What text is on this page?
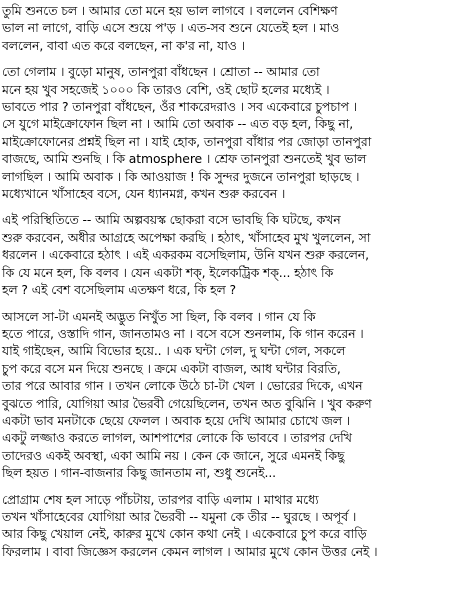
তুমি শুনতে চল । আমার তো মনে হয় ভাল লাগবে । বললেন বেশিক্ষণ
ভাল না লাগে, বাড়ি এসে শুয়ে প'ড় । এত-সব শুনে যেতেই হল । মাও
বললেন, বাবা এত করে বলছেন, না ক'র না, যাও ।
তো গেলাম । বুড়ো মানুষ, তানপুরা বাঁধছেন । শ্রোতা -- আমার তো
মনে হয় খুব সহজেই ১০০০ কি তারও বেশি, ওই ছোট হলের মধ্যেই ।
ভাবতে পার ? তানপুরা বাঁধছেন, ওঁর শাকরেদরাও । সব একেবারে চুপচাপ ।
সে যুগে মাইক্রোফোন ছিল না । আমি তো অবাক -- এত বড় হল, কিছু না,
মাইক্রোফোনের প্রশ্নই ছিল না । যাই হোক, তানপুরা বাঁধার পর জোড়া তানপুরা
বাজছে, আমি শুনছি । কি atmosphere । শ্রেফ তানপুরা শুনতেই খুব ভাল
লাগছিল । আমি অবাক । কি আওয়াজ ! কি সুন্দর দুজনে তানপুরা ছাড়ছে ।
মধ্যেখানে খাঁসাহেব বসে, যেন ধ্যানমগ্ন, কখন শুরু করবেন ।
এই পরিস্থিতিতে -- আমি অল্পবয়স্ক ছোকরা বসে ভাবছি কি ঘটছে, কখন
শুরু করবেন, অধীর আগ্রহে অপেক্ষা করছি । হঠাৎ, খাঁসাহেব মুখ খুললেন, সা
ধরলেন । একেবারে হঠাৎ । এই একরকম বসেছিলাম, উনি যখন শুরু করলেন,
কি যে মনে হল, কি বলব । যেন একটা শক্‌, ইলেকট্রিক শক্‌... হঠাৎ কি
হল ? এই বেশ বসেছিলাম এতক্ষণ ধরে, কি হল ?
আসলে সা-টা এমনই অদ্ভুত নিখুঁত সা ছিল, কি বলব । গান যে কি
হতে পারে, ওস্তাদি গান, জানতামও না । বসে বসে শুনলাম, কি গান করেন ।
যাই গাইছেন, আমি বিভোর হয়ে.. । এক ঘন্টা গেল, দু ঘন্টা গেল, সকলে
চুপ করে বসে মন দিয়ে শুনছে । ক্রমে একটা বাজল, আধ ঘন্টার বিরতি,
তার পরে আবার গান । তখন লোকে উঠে চা-টা খেল । ভোরের দিকে, এখন
বুঝতে পারি, যোগিয়া আর ভৈরবী গেয়েছিলেন, তখন অত বুঝিনি । খুব করুণ
একটা ভাব মনটাকে ছেয়ে ফেলল । অবাক হয়ে দেখি আমার চোখে জল ।
একটু লজ্জাও করতে লাগল, আশপাশের লোকে কি ভাববে । তারপর দেখি
তাদেরও একই অবস্থা, একা আমি নয় । কেন কে জানে, সুরে এমনই কিছু
ছিল হয়ত । গান-বাজনার কিছু জানতাম না, শুধু শুনেই...
প্রোগ্রাম শেষ হল সাড়ে পাঁচটায়, তারপর বাড়ি এলাম । মাথার মধ্যে
তখন খাঁসাহেবের যোগিয়া আর ভৈরবী -- যমুনা কে তীর -- ঘুরছে । অপূর্ব ।
আর কিছু খেয়াল নেই, কারুর মুখে কোন কথা নেই । একেবারে চুপ করে বাড়ি
ফিরলাম । বাবা জিজ্ঞেস করলেন কেমন লাগল । আমার মুখে কোন উত্তর নেই ।
